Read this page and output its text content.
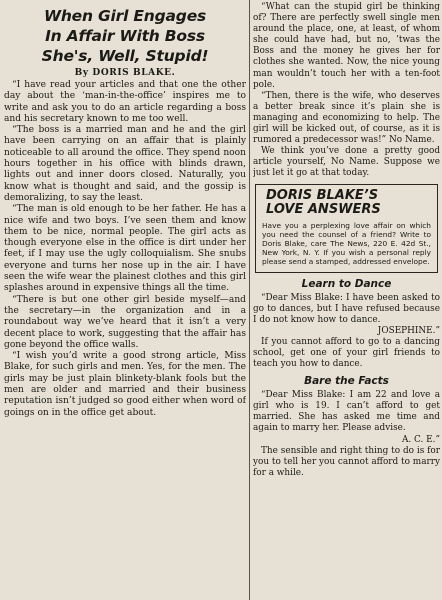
When Girl Engages
In Affair With Boss
She's, Well, Stupid!
By DORIS BLAKE.

“I have read your articles and that one the other day about the ‘man-in-the-office’ inspires me to write and ask you to do an article regarding a boss and his secretary known to me too well.

“The boss is a married man and he and the girl have been carrying on an affair that is plainly noticeable to all around the office. They spend noon hours together in his office with blinds drawn, lights out and inner doors closed. Naturally, you know what is thought and said, and the gossip is demoralizing, to say the least.

“The man is old enough to be her father. He has a nice wife and two boys. I’ve seen them and know them to be nice, normal people. The girl acts as though everyone else in the office is dirt under her feet, if I may use the ugly colloquialism. She snubs everyone and turns her nose up in the air. I have seen the wife wear the plainest clothes and this girl splashes around in expensive things all the time.

“There is but one other girl beside myself—and the secretary—in the organization and in a roundabout way we’ve heard that it isn’t a very decent place to work, suggesting that the affair has gone beyond the office walls.

“I wish you’d write a good strong article, Miss Blake, for such girls and men. Yes, for the men. The girls may be just plain blinkety-blank fools but the men are older and married and their business reputation isn’t judged so good either when word of goings on in the office get about.

“What can the stupid girl be thinking of? There are perfectly swell single men around the place, one, at least, of whom she could have had, but no, ’twas the Boss and the money he gives her for clothes she wanted. Now, the nice young man wouldn’t touch her with a ten-foot pole.

“Then, there is the wife, who deserves a better break since it’s plain she is managing and economizing to help. The girl will be kicked out, of course, as it is rumored a predecessor was!” No Name.

We think you’ve done a pretty good article yourself, No Name. Suppose we just let it go at that today.

DORIS BLAKE’S
LOVE ANSWERS
Have you a perplexing love affair on which you need the counsel of a friend? Write to Doris Blake, care The News, 220 E. 42d St., New York, N. Y. If you wish a personal reply please send a stamped, addressed envelope.
Learn to Dance

“Dear Miss Blake: I have been asked to go to dances, but I have refused because I do not know how to dance.

JOSEPHINE.”

If you cannot afford to go to a dancing school, get one of your girl friends to teach you how to dance.

Bare the Facts

“Dear Miss Blake: I am 22 and love a girl who is 19. I can’t afford to get married. She has asked me time and again to marry her. Please advise.

A. C. E.”

The sensible and right thing to do is for you to tell her you cannot afford to marry for a while.
